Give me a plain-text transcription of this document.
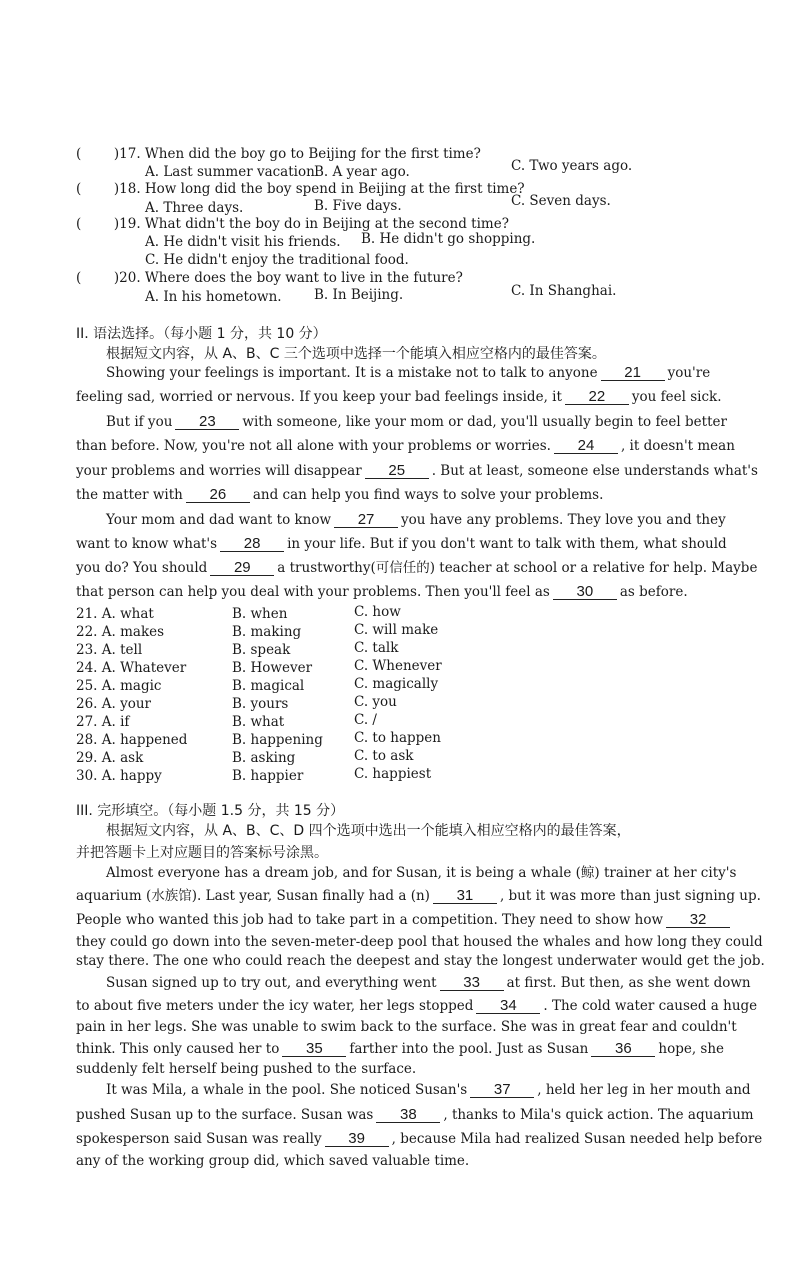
( )17. When did the boy go to Beijing for the first time?
A. Last summer vacation.
B. A year ago.	C. Two years ago.
( )18. How long did the boy spend in Beijing at the first time?
A. Three days.	B. Five days.	C. Seven days.
( )19. What didn't the boy do in Beijing at the second time?
A. He didn't visit his friends. B. He didn't go shopping.
C. He didn't enjoy the traditional food.
( )20. Where does the boy want to live in the future?
A. In his hometown. B. In Beijing.	C. In Shanghai.
II. 语法选择。（每小题 1 分，共 10 分）
根据短文内容，从 A、B、C 三个选项中选择一个能填入相应空格内的最佳答案。
Showing your feelings is important. It is a mistake not to talk to anyone 21 you're
feeling sad, worried or nervous. If you keep your bad feelings inside, it 22 you feel sick.
But if you 23 with someone, like your mom or dad, you'll usually begin to feel better
than before. Now, you're not all alone with your problems or worries. 24 , it doesn't mean
your problems and worries will disappear 25 . But at least, someone else understands what's
the matter with 26 and can help you find ways to solve your problems.
Your mom and dad want to know 27 you have any problems. They love you and they
want to know what's 28 in your life. But if you don't want to talk with them, what should
you do? You should 29 a trustworthy(可信任的) teacher at school or a relative for help. Maybe
that person can help you deal with your problems. Then you'll feel as 30 as before.
21. A. what	B. when	C. how
22. A. makes	B. making	C. will make
23. A. tell	B. speak	C. talk
24. A. Whatever	B. However	C. Whenever
25. A. magic	B. magical	C. magically
26. A. your	B. yours	C. you
27. A. if	B. what	C. /
28. A. happened	B. happening C. to happen
29. A. ask	B. asking	C. to ask
30. A. happy	B. happier	C. happiest
III. 完形填空。（每小题 1.5 分，共 15 分）
根据短文内容，从 A、B、C、D 四个选项中选出一个能填入相应空格内的最佳答案，
并把答题卡上对应题目的答案标号涂黑。
Almost everyone has a dream job, and for Susan, it is being a whale (鲸) trainer at her city's
aquarium (水族馆). Last year, Susan finally had a (n) 31 , but it was more than just signing up.
People who wanted this job had to take part in a competition. They need to show how 32
they could go down into the seven-meter-deep pool that housed the whales and how long they could
stay there. The one who could reach the deepest and stay the longest underwater would get the job.
Susan signed up to try out, and everything went 33 at first. But then, as she went down
to about five meters under the icy water, her legs stopped 34 . The cold water caused a huge
pain in her legs. She was unable to swim back to the surface. She was in great fear and couldn't
think. This only caused her to 35 farther into the pool. Just as Susan 36 hope, she
suddenly felt herself being pushed to the surface.
It was Mila, a whale in the pool. She noticed Susan's 37 , held her leg in her mouth and
pushed Susan up to the surface. Susan was 38 , thanks to Mila's quick action. The aquarium
spokesperson said Susan was really 39 , because Mila had realized Susan needed help before
any of the working group did, which saved valuable time.
